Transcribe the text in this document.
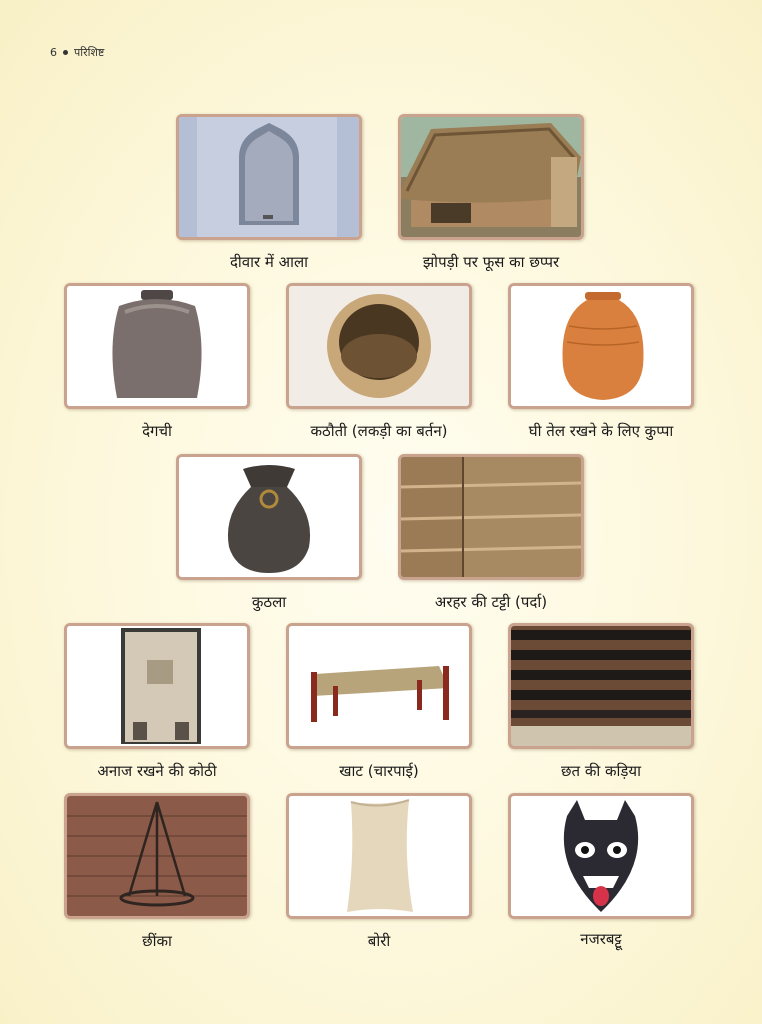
6 परिशिष्ट
दीवार में आला	झोपड़ी पर फूस का छप्पर
देगची	कठौती (लकड़ी का बर्तन)	घी तेल रखने के लिए कुप्पा
कुठला	अरहर की टट्टी (पर्दा)
अनाज रखने की कोठी	खाट (चारपाई)	छत की कड़िया
छींका	बोरी	नजरबट्टू
